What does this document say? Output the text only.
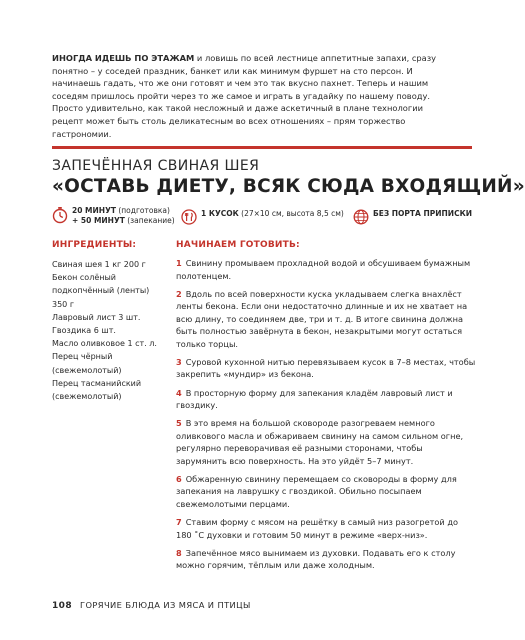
ИНОГДА ИДЕШЬ ПО ЭТАЖАМ и ловишь по всей лестнице аппетитные запахи, сразу понятно – у соседей праздник, банкет или как минимум фуршет на сто персон. И начинаешь гадать, что же они готовят и чем это так вкусно пахнет. Теперь и нашим соседям пришлось пройти через то же самое и играть в угадайку по нашему поводу. Просто удивительно, как такой несложный и даже аскетичный в плане технологии рецепт может быть столь деликатесным во всех отношениях – прям торжество гастрономии.

ЗАПЕЧЁННАЯ СВИНАЯ ШЕЯ
«ОСТАВЬ ДИЕТУ, ВСЯК СЮДА ВХОДЯЩИЙ»
20 МИНУТ (подготовка)
+ 50 МИНУТ (запекание)
1 КУСОК (27×10 см, высота 8,5 см)	БЕЗ ПОРТА ПРИПИСКИ
ИНГРЕДИЕНТЫ:
Свиная шея 1 кг 200 г
Бекон солёный
подкопчённый (ленты)
350 г
Лавровый лист 3 шт.
Гвоздика 6 шт.
Масло оливковое 1 ст. л.
Перец чёрный
(свежемолотый)
Перец тасманийский
(свежемолотый)
НАЧИНАЕМ ГОТОВИТЬ:
1 Свинину промываем прохладной водой и обсушиваем бумажным полотенцем.
2 Вдоль по всей поверхности куска укладываем слегка внахлёст ленты бекона. Если они недостаточно длинные и их не хватает на всю длину, то соединяем две, три и т. д. В итоге свинина должна быть полностью завёрнута в бекон, незакрытыми могут остаться только торцы.
3 Суровой кухонной нитью перевязываем кусок в 7–8 местах, чтобы закрепить «мундир» из бекона.
4 В просторную форму для запекания кладём лавровый лист и гвоздику.
5 В это время на большой сковороде разогреваем немного оливкового масла и обжариваем свинину на самом сильном огне, регулярно переворачивая её разными сторонами, чтобы зарумянить всю поверхность. На это уйдёт 5–7 минут.
6 Обжаренную свинину перемещаем со сковороды в форму для запекания на лаврушку с гвоздикой. Обильно посыпаем свежемолотыми перцами.
7 Ставим форму с мясом на решётку в самый низ разогретой до 180 ˚С духовки и готовим 50 минут в режиме «верх-низ».
8 Запечённое мясо вынимаем из духовки. Подавать его к столу можно горячим, тёплым или даже холодным.
108 ГОРЯЧИЕ БЛЮДА ИЗ МЯСА И ПТИЦЫ
